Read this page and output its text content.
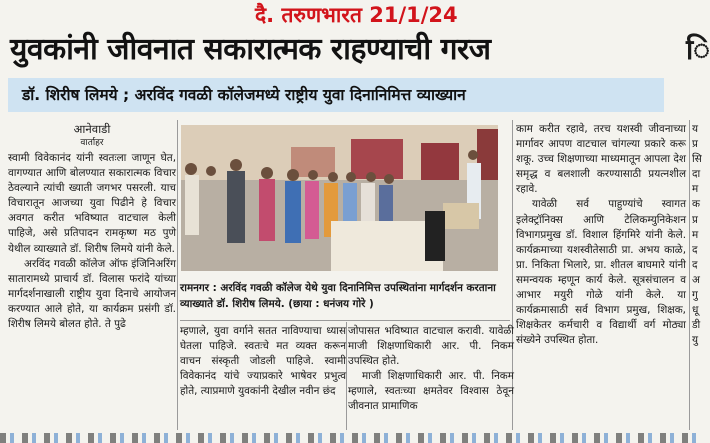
दै. तरुणभारत 21/1/24
युवकांनी जीवनात सकारात्मक राहण्याची गरज	ि
डॉ. शिरीष लिमये ; अरविंद गवळी कॉलेजमध्ये राष्ट्रीय युवा दिनानिमित्त व्याख्यान
आनेवाडी
वार्ताहर

स्वामी विवेकानंद यांनी स्वतःला जाणून घेत, वागण्यात आणि बोलण्यात सकारात्मक विचार ठेवल्याने त्यांची ख्याती जगभर पसरली. याच विचारातून आजच्या युवा पिढीने हे विचार अवगत करीत भविष्यात वाटचाल केली पाहिजे, असे प्रतिपादन रामकृष्ण मठ पुणे येथील व्याख्याते डॉ. शिरीष लिमये यांनी केले.

अरविंद गवळी कॉलेज ऑफ इंजिनिअरिंग सातारामध्ये प्राचार्य डॉ. विलास फरांदे यांच्या मार्गदर्शनाखाली राष्ट्रीय युवा दिनाचे आयोजन करण्यात आले होते, या कार्यक्रम प्रसंगी डॉ. शिरीष लिमये बोलत होते. ते पुढे

रामनगर : अरविंद गवळी कॉलेज येथे युवा दिनानिमित्त उपस्थितांना मार्गदर्शन करताना व्याख्याते डॉ. शिरीष लिमये. (छाया : धनंजय गोरे )

म्हणाले, युवा वर्गाने सतत नाविण्याचा ध्यास घेतला पाहिजे. स्वतःचे मत व्यक्त करून वाचन संस्कृती जोडली पाहिजे. स्वामी विवेकानंद यांचे ज्याप्रकारे भाषेवर प्रभुत्व होते, त्याप्रमाणे युवकांनी देखील नवीन छंद

जोपासत भविष्यात वाटचाल करावी. यावेळी माजी शिक्षणाधिकारी आर. पी. निकम उपस्थित होते.

माजी शिक्षणाधिकारी आर. पी. निकम म्हणाले, स्वतःच्या क्षमतेवर विश्वास ठेवून जीवनात प्रामाणिक

काम करीत रहावे, तरच यशस्वी जीवनाच्या मार्गावर आपण वाटचाल चांगल्या प्रकारे करू शकू. उच्च शिक्षणाच्या माध्यमातून आपला देश समृद्ध व बलशाली करण्यासाठी प्रयत्नशील रहावे.

यावेळी सर्व पाहुण्यांचे स्वागत इलेक्ट्रॉनिक्स आणि टेलिकम्युनिकेशन विभागप्रमुख डॉ. विशाल हिंगमिरे यांनी केले. कार्यक्रमाच्या यशस्वीतेसाठी प्रा. अभय काळे, प्रा. निकिता भिलारे, प्रा. शीतल बाघमारे यांनी समन्वयक म्हणून कार्य केले. सूत्रसंचालन व आभार मयुरी गोळे यांनी केले. या कार्यक्रमासाठी सर्व विभाग प्रमुख, शिक्षक, शिक्षकेतर कर्मचारी व विद्यार्थी वर्ग मोठ्या संख्येने उपस्थित होता.

य प्र सि दा म क प्र म द द अ गु धू डी यु
